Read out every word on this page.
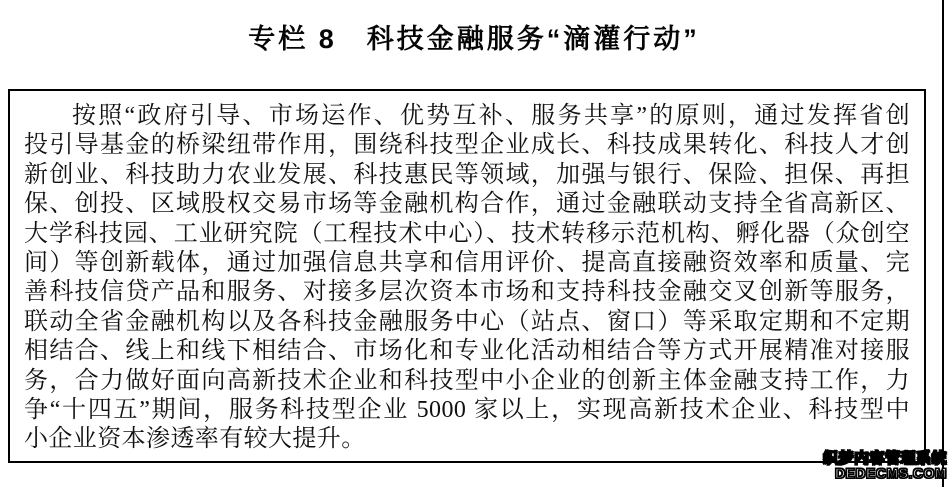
专栏 8　科技金融服务“滴灌行动”
按照“政府引导、市场运作、优势互补、服务共享”的原则，通过发挥省创
投引导基金的桥梁纽带作用，围绕科技型企业成长、科技成果转化、科技人才创
新创业、科技助力农业发展、科技惠民等领域，加强与银行、保险、担保、再担
保、创投、区域股权交易市场等金融机构合作，通过金融联动支持全省高新区、
大学科技园、工业研究院（工程技术中心）、技术转移示范机构、孵化器（众创空
间）等创新载体，通过加强信息共享和信用评价、提高直接融资效率和质量、完
善科技信贷产品和服务、对接多层次资本市场和支持科技金融交叉创新等服务，
联动全省金融机构以及各科技金融服务中心（站点、窗口）等采取定期和不定期
相结合、线上和线下相结合、市场化和专业化活动相结合等方式开展精准对接服
务，合力做好面向高新技术企业和科技型中小企业的创新主体金融支持工作，力
争“十四五”期间，服务科技型企业 5000 家以上，实现高新技术企业、科技型中
小企业资本渗透率有较大提升。
织梦内容管理系统
DEDECMS.COM
